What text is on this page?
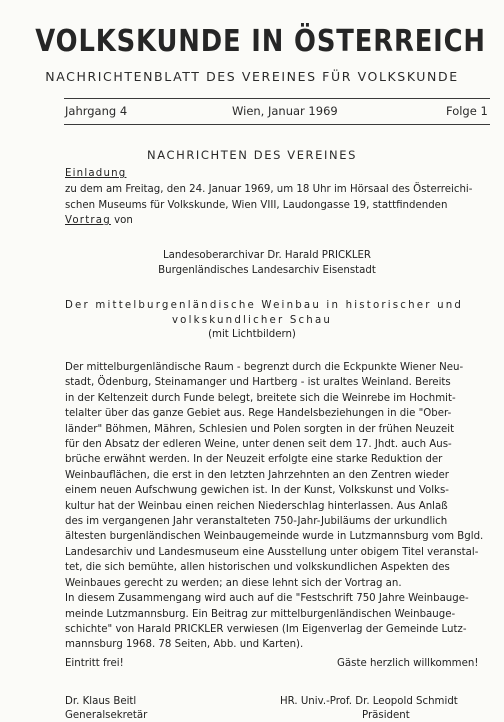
VOLKSKUNDE IN ÖSTERREICH
NACHRICHTENBLATT DES VEREINES FÜR VOLKSKUNDE
Jahrgang 4	Wien, Januar 1969	Folge 1
NACHRICHTEN DES VEREINES
Einladung
zu dem am Freitag, den 24. Januar 1969, um 18 Uhr im Hörsaal des Österreichi-
schen Museums für Volkskunde, Wien VIII, Laudongasse 19, stattfindenden
Vortrag von
Landesoberarchivar Dr. Harald PRICKLER
Burgenländisches Landesarchiv Eisenstadt
Der mittelburgenländische Weinbau in historischer und
volkskundlicher Schau
(mit Lichtbildern)

Der mittelburgenländische Raum - begrenzt durch die Eckpunkte Wiener Neu-

stadt, Ödenburg, Steinamanger und Hartberg - ist uraltes Weinland. Bereits

in der Keltenzeit durch Funde belegt, breitete sich die Weinrebe im Hochmit-

telalter über das ganze Gebiet aus. Rege Handelsbeziehungen in die "Ober-

länder" Böhmen, Mähren, Schlesien und Polen sorgten in der frühen Neuzeit

für den Absatz der edleren Weine, unter denen seit dem 17. Jhdt. auch Aus-

brüche erwähnt werden. In der Neuzeit erfolgte eine starke Reduktion der

Weinbauflächen, die erst in den letzten Jahrzehnten an den Zentren wieder

einem neuen Aufschwung gewichen ist. In der Kunst, Volkskunst und Volks-

kultur hat der Weinbau einen reichen Niederschlag hinterlassen. Aus Anlaß

des im vergangenen Jahr veranstalteten 750-Jahr-Jubiläums der urkundlich

ältesten burgenländischen Weinbaugemeinde wurde in Lutzmannsburg vom Bgld.

Landesarchiv und Landesmuseum eine Ausstellung unter obigem Titel veranstal-

tet, die sich bemühte, allen historischen und volkskundlichen Aspekten des

Weinbaues gerecht zu werden; an diese lehnt sich der Vortrag an.

In diesem Zusammengang wird auch auf die "Festschrift 750 Jahre Weinbauge-

meinde Lutzmannsburg. Ein Beitrag zur mittelburgenländischen Weinbauge-

schichte" von Harald PRICKLER verwiesen (Im Eigenverlag der Gemeinde Lutz-

mannsburg 1968. 78 Seiten, Abb. und Karten).

Eintritt frei!	Gäste herzlich willkommen!
Dr. Klaus Beitl
Generalsekretär
HR. Univ.-Prof. Dr. Leopold Schmidt
Präsident
